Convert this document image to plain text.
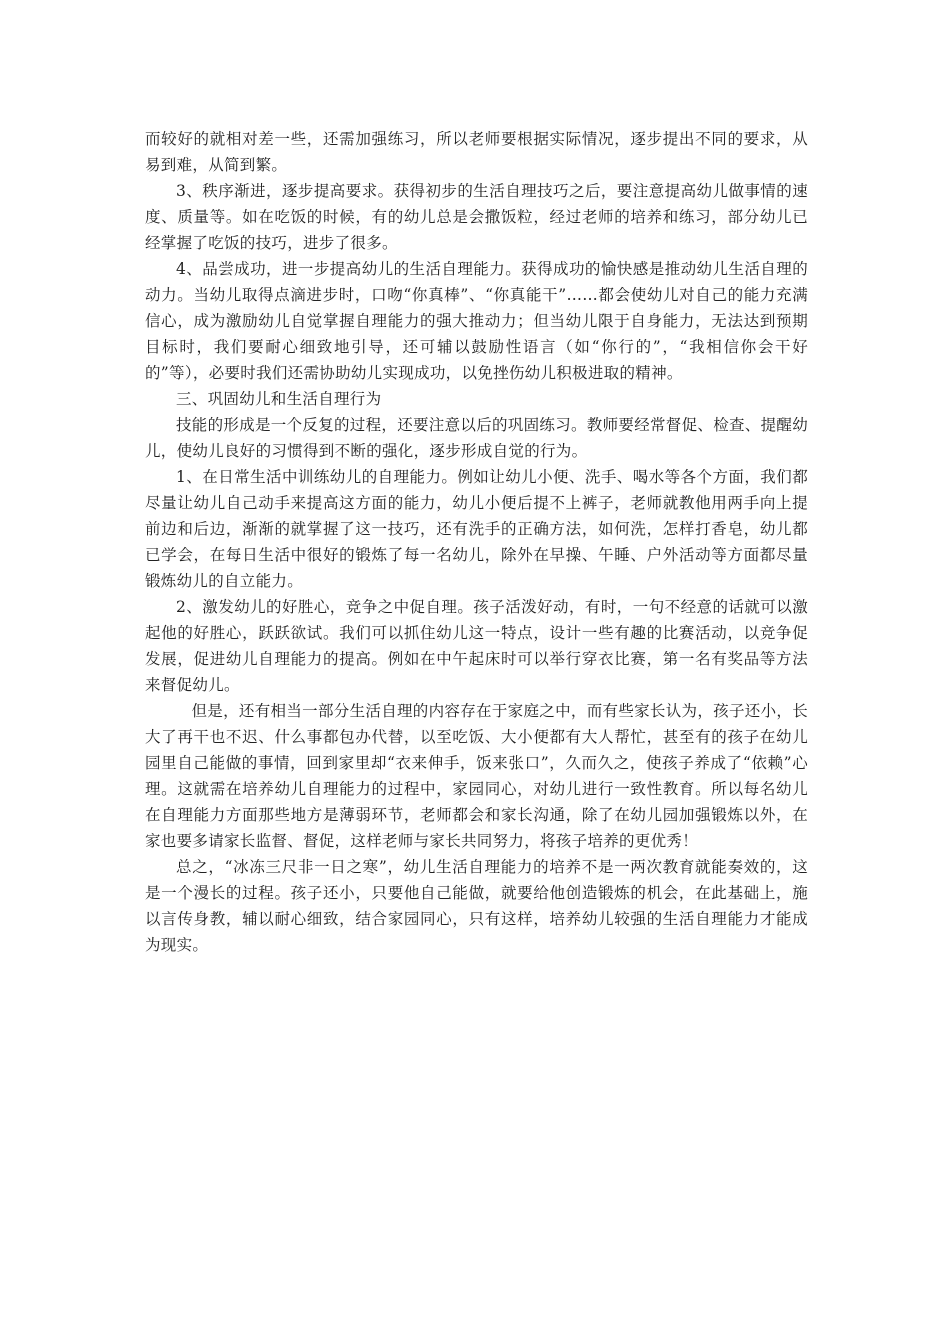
而较好的就相对差一些，还需加强练习，所以老师要根据实际情况，逐步提出不同的要求，从易到难，从简到繁。

3、秩序渐进，逐步提高要求。获得初步的生活自理技巧之后，要注意提高幼儿做事情的速度、质量等。如在吃饭的时候，有的幼儿总是会撒饭粒，经过老师的培养和练习，部分幼儿已经掌握了吃饭的技巧，进步了很多。

4、品尝成功，进一步提高幼儿的生活自理能力。获得成功的愉快感是推动幼儿生活自理的动力。当幼儿取得点滴进步时，口吻“你真棒”、“你真能干”……都会使幼儿对自己的能力充满信心，成为激励幼儿自觉掌握自理能力的强大推动力；但当幼儿限于自身能力，无法达到预期目标时，我们要耐心细致地引导，还可辅以鼓励性语言（如“你行的”，“我相信你会干好的”等），必要时我们还需协助幼儿实现成功，以免挫伤幼儿积极进取的精神。

三、巩固幼儿和生活自理行为

技能的形成是一个反复的过程，还要注意以后的巩固练习。教师要经常督促、检查、提醒幼儿，使幼儿良好的习惯得到不断的强化，逐步形成自觉的行为。

1、在日常生活中训练幼儿的自理能力。例如让幼儿小便、洗手、喝水等各个方面，我们都尽量让幼儿自己动手来提高这方面的能力，幼儿小便后提不上裤子，老师就教他用两手向上提前边和后边，渐渐的就掌握了这一技巧，还有洗手的正确方法，如何洗，怎样打香皂，幼儿都已学会，在每日生活中很好的锻炼了每一名幼儿，除外在早操、午睡、户外活动等方面都尽量锻炼幼儿的自立能力。

2、激发幼儿的好胜心，竞争之中促自理。孩子活泼好动，有时，一句不经意的话就可以激起他的好胜心，跃跃欲试。我们可以抓住幼儿这一特点，设计一些有趣的比赛活动，以竞争促发展，促进幼儿自理能力的提高。例如在中午起床时可以举行穿衣比赛，第一名有奖品等方法来督促幼儿。

但是，还有相当一部分生活自理的内容存在于家庭之中，而有些家长认为，孩子还小，长大了再干也不迟、什么事都包办代替，以至吃饭、大小便都有大人帮忙，甚至有的孩子在幼儿园里自己能做的事情，回到家里却“衣来伸手，饭来张口”，久而久之，使孩子养成了“依赖”心理。这就需在培养幼儿自理能力的过程中，家园同心，对幼儿进行一致性教育。所以每名幼儿在自理能力方面那些地方是薄弱环节，老师都会和家长沟通，除了在幼儿园加强锻炼以外，在家也要多请家长监督、督促，这样老师与家长共同努力，将孩子培养的更优秀！

总之，“冰冻三尺非一日之寒”，幼儿生活自理能力的培养不是一两次教育就能奏效的，这是一个漫长的过程。孩子还小，只要他自己能做，就要给他创造锻炼的机会，在此基础上，施以言传身教，辅以耐心细致，结合家园同心，只有这样，培养幼儿较强的生活自理能力才能成为现实。
